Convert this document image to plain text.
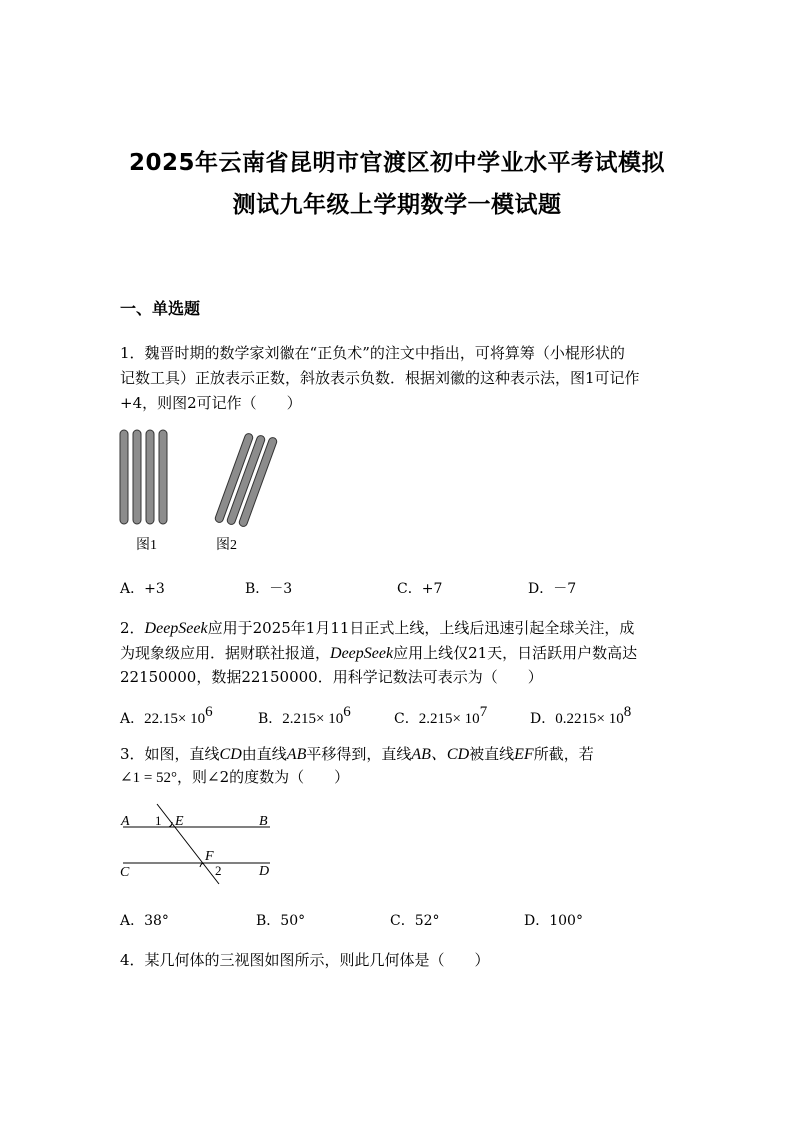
2025年云南省昆明市官渡区初中学业水平考试模拟
测试九年级上学期数学一模试题
一、单选题
1．魏晋时期的数学家刘徽在“正负术”的注文中指出，可将算筹（小棍形状的
记数工具）正放表示正数，斜放表示负数．根据刘徽的这种表示法，图1可记作
+4，则图2可记作（　　）
图1	图2
A．+3	B．－3	C．+7	D．－7
2．DeepSeek应用于2025年1月11日正式上线，上线后迅速引起全球关注，成
为现象级应用．据财联社报道，DeepSeek应用上线仅21天，日活跃用户数高达
22150000，数据22150000．用科学记数法可表示为（　　）
A．$22.15\times 10^6$	B．$2.215\times 10^6$	C．$2.215\times 10^7$	D．$0.2215\times 10^8$
3．如图，直线CD由直线AB平移得到，直线AB、CD被直线EF所截，若
∠1 = 52°，则∠2的度数为（　　）
A 1 E	B
F
C	2	D
A．38°	B．50°	C．52°	D．100°
4．某几何体的三视图如图所示，则此几何体是（　　）
